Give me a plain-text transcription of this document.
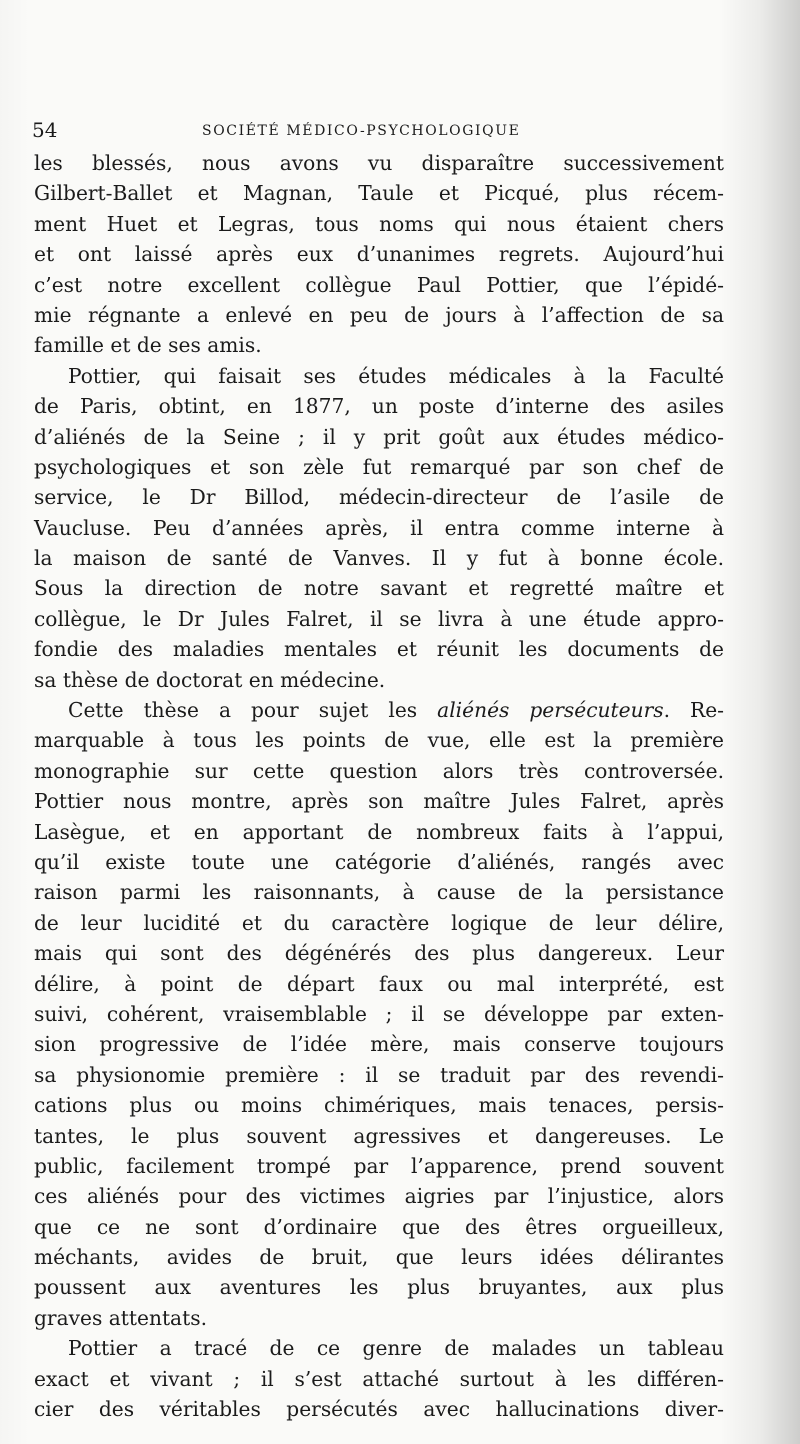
54	SOCIÉTÉ MÉDICO-PSYCHOLOGIQUE
les blessés, nous avons vu disparaître successivement
Gilbert-Ballet et Magnan, Taule et Picqué, plus récem-
ment Huet et Legras, tous noms qui nous étaient chers
et ont laissé après eux d’unanimes regrets. Aujourd’hui
c’est notre excellent collègue Paul Pottier, que l’épidé-
mie régnante a enlevé en peu de jours à l’affection de sa
famille et de ses amis.
Pottier, qui faisait ses études médicales à la Faculté
de Paris, obtint, en 1877, un poste d’interne des asiles
d’aliénés de la Seine ; il y prit goût aux études médico-
psychologiques et son zèle fut remarqué par son chef de
service, le Dr Billod, médecin-directeur de l’asile de
Vaucluse. Peu d’années après, il entra comme interne à
la maison de santé de Vanves. Il y fut à bonne école.
Sous la direction de notre savant et regretté maître et
collègue, le Dr Jules Falret, il se livra à une étude appro-
fondie des maladies mentales et réunit les documents de
sa thèse de doctorat en médecine.
Cette thèse a pour sujet les aliénés persécuteurs. Re-
marquable à tous les points de vue, elle est la première
monographie sur cette question alors très controversée.
Pottier nous montre, après son maître Jules Falret, après
Lasègue, et en apportant de nombreux faits à l’appui,
qu’il existe toute une catégorie d’aliénés, rangés avec
raison parmi les raisonnants, à cause de la persistance
de leur lucidité et du caractère logique de leur délire,
mais qui sont des dégénérés des plus dangereux. Leur
délire, à point de départ faux ou mal interprété, est
suivi, cohérent, vraisemblable ; il se développe par exten-
sion progressive de l’idée mère, mais conserve toujours
sa physionomie première : il se traduit par des revendi-
cations plus ou moins chimériques, mais tenaces, persis-
tantes, le plus souvent agressives et dangereuses. Le
public, facilement trompé par l’apparence, prend souvent
ces aliénés pour des victimes aigries par l’injustice, alors
que ce ne sont d’ordinaire que des êtres orgueilleux,
méchants, avides de bruit, que leurs idées délirantes
poussent aux aventures les plus bruyantes, aux plus
graves attentats.
Pottier a tracé de ce genre de malades un tableau
exact et vivant ; il s’est attaché surtout à les différen-
cier des véritables persécutés avec hallucinations diver-
